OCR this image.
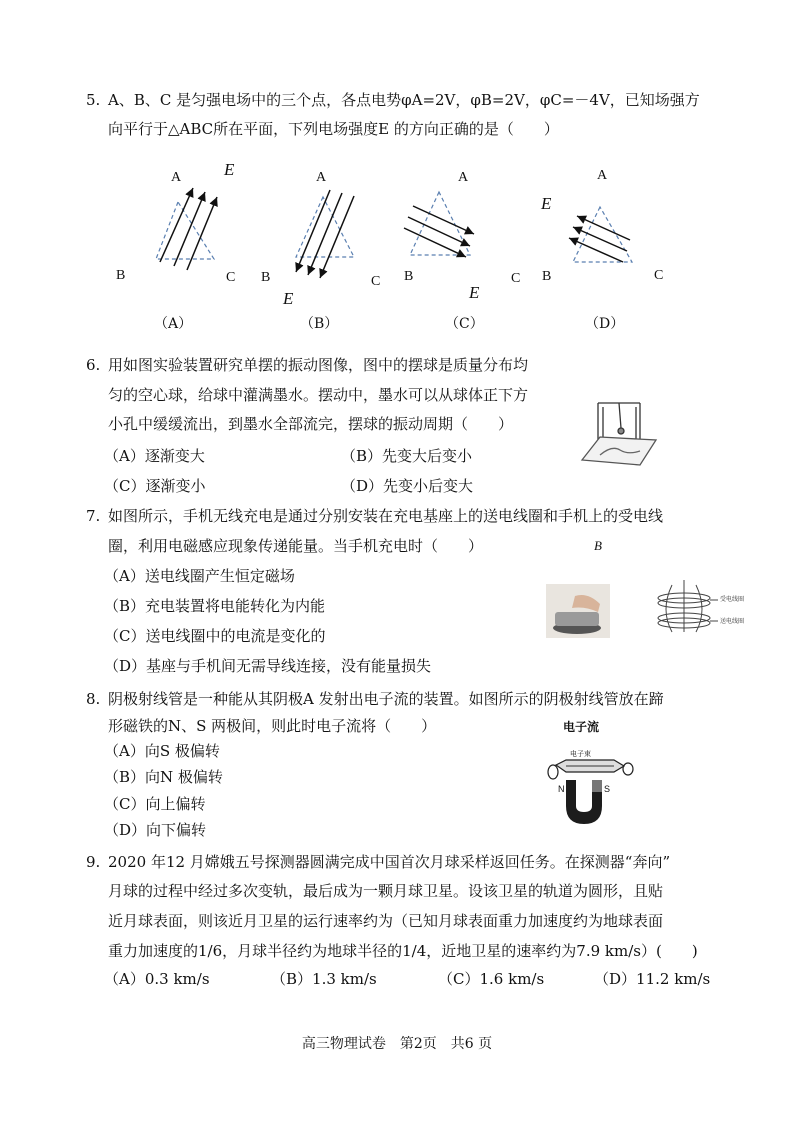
5. A、B、C 是匀强电场中的三个点，各点电势φA=2V，φB=2V，φC=－4V，已知场强方
向平行于△ABC所在平面，下列电场强度E 的方向正确的是（　　）
A	E
B	C
（A）
A
B	C
E
（B）
A
B
E
C
（C）
A
E
B	C
（D）
6. 用如图实验装置研究单摆的振动图像，图中的摆球是质量分布均
匀的空心球，给球中灌满墨水。摆动中，墨水可以从球体正下方
小孔中缓缓流出，到墨水全部流完，摆球的振动周期（　　）
（A）逐渐变大	（B）先变大后变小
（C）逐渐变小	（D）先变小后变大
7. 如图所示，手机无线充电是通过分别安装在充电基座上的送电线圈和手机上的受电线
圈，利用电磁感应现象传递能量。当手机充电时（　　）	B
（A）送电线圈产生恒定磁场
（B）充电装置将电能转化为内能
（C）送电线圈中的电流是变化的
（D）基座与手机间无需导线连接，没有能量损失
受电线圈
送电线圈
8. 阴极射线管是一种能从其阴极A 发射出电子流的装置。如图所示的阴极射线管放在蹄
形磁铁的N、S 两极间，则此时电子流将（　　）
（A）向S 极偏转
（B）向N 极偏转
（C）向上偏转
（D）向下偏转
电子流
电子束
N	S
9. 2020 年12 月嫦娥五号探测器圆满完成中国首次月球采样返回任务。在探测器“奔向”
月球的过程中经过多次变轨，最后成为一颗月球卫星。设该卫星的轨道为圆形，且贴
近月球表面，则该近月卫星的运行速率约为（已知月球表面重力加速度约为地球表面
重力加速度的1/6，月球半径约为地球半径的1/4，近地卫星的速率约为7.9 km/s）(　　)
（A）0.3 km/s	（B）1.3 km/s	（C）1.6 km/s	（D）11.2 km/s
高三物理试卷　第2页　共6 页
